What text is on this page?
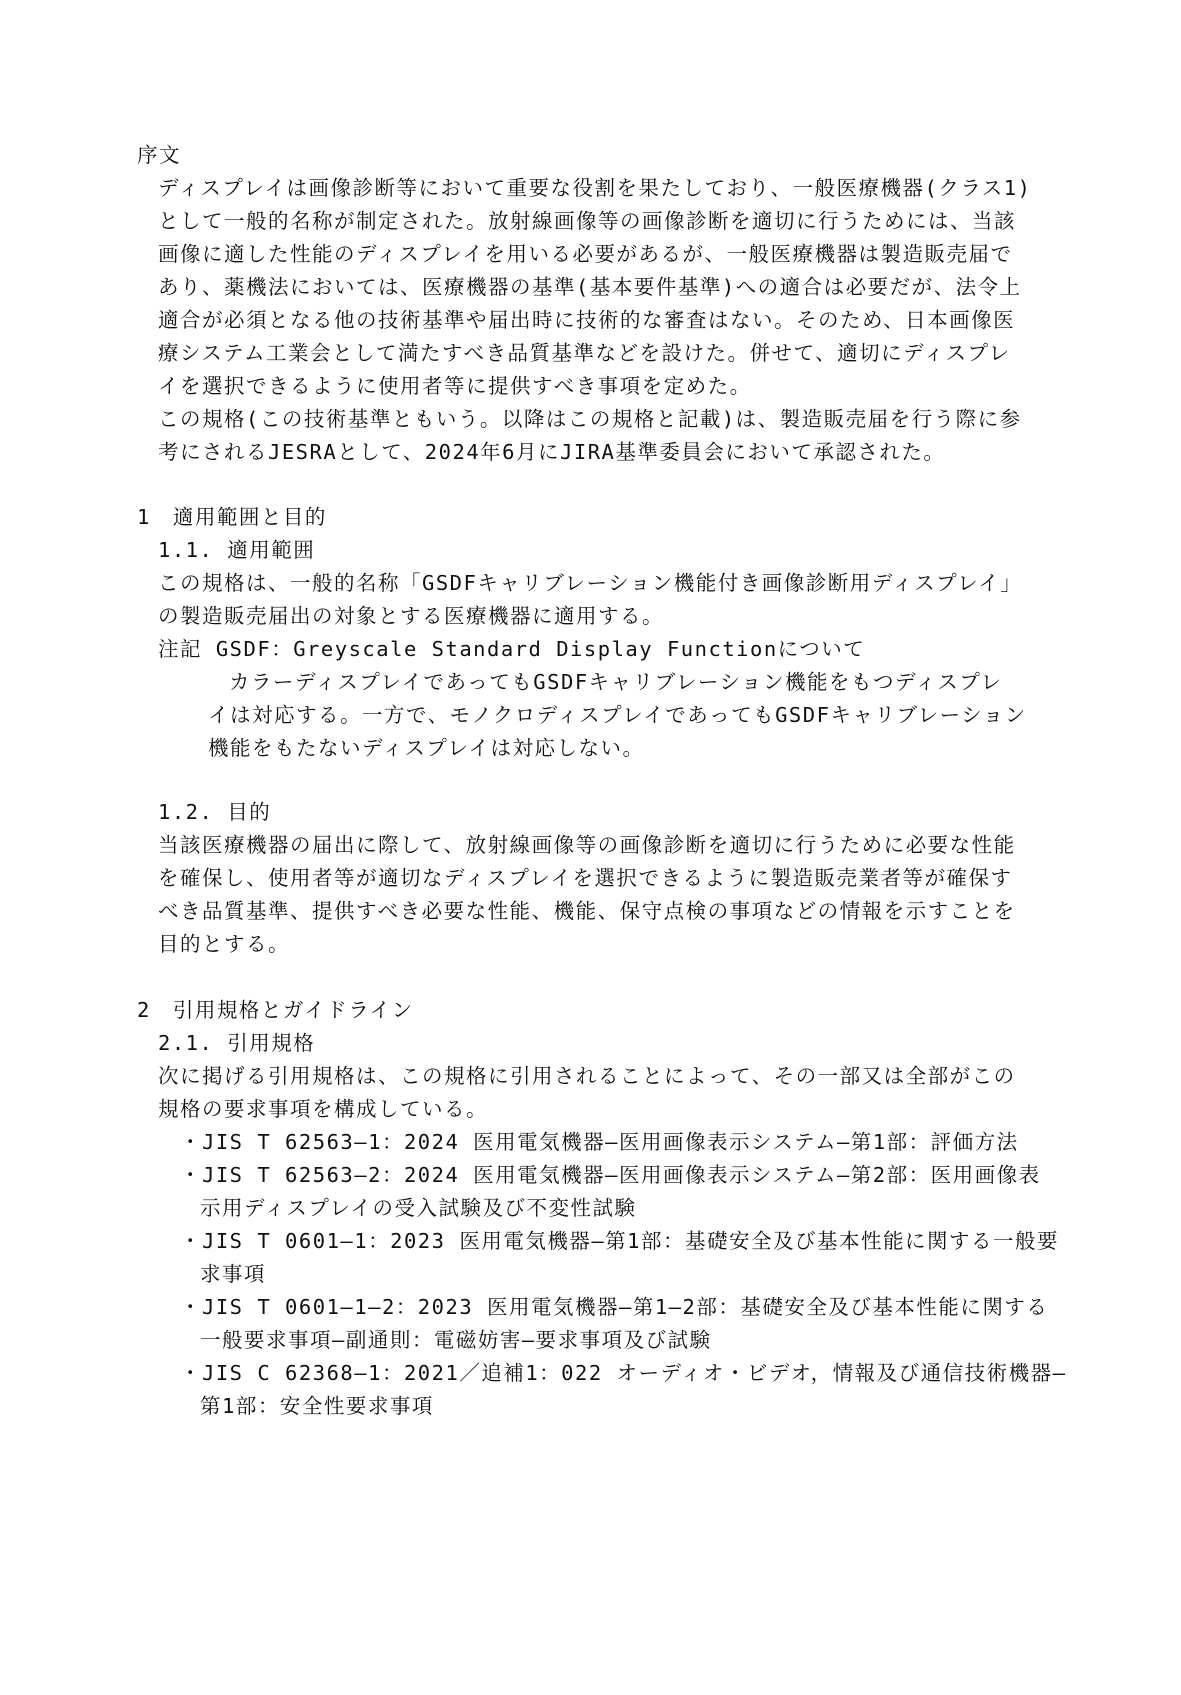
序文
ディスプレイは画像診断等において重要な役割を果たしており、一般医療機器(クラス1)
として一般的名称が制定された。放射線画像等の画像診断を適切に行うためには、当該
画像に適した性能のディスプレイを用いる必要があるが、一般医療機器は製造販売届で
あり、薬機法においては、医療機器の基準(基本要件基準)への適合は必要だが、法令上
適合が必須となる他の技術基準や届出時に技術的な審査はない。そのため、日本画像医
療システム工業会として満たすべき品質基準などを設けた。併せて、適切にディスプレ
イを選択できるように使用者等に提供すべき事項を定めた。
この規格(この技術基準ともいう。以降はこの規格と記載)は、製造販売届を行う際に参
考にされるJESRAとして、2024年6月にJIRA基準委員会において承認された。
1　適用範囲と目的
1.1. 適用範囲
この規格は、一般的名称「GSDFキャリブレーション機能付き画像診断用ディスプレイ」
の製造販売届出の対象とする医療機器に適用する。
注記 GSDF：Greyscale Standard Display Functionについて
カラーディスプレイであってもGSDFキャリブレーション機能をもつディスプレ
イは対応する。一方で、モノクロディスプレイであってもGSDFキャリブレーション
機能をもたないディスプレイは対応しない。
1.2. 目的
当該医療機器の届出に際して、放射線画像等の画像診断を適切に行うために必要な性能
を確保し、使用者等が適切なディスプレイを選択できるように製造販売業者等が確保す
べき品質基準、提供すべき必要な性能、機能、保守点検の事項などの情報を示すことを
目的とする。
2　引用規格とガイドライン
2.1. 引用規格
次に掲げる引用規格は、この規格に引用されることによって、その一部又は全部がこの
規格の要求事項を構成している。
・JIS T 62563―1：2024 医用電気機器―医用画像表示システム―第1部：評価方法
・JIS T 62563―2：2024 医用電気機器―医用画像表示システム―第2部：医用画像表
示用ディスプレイの受入試験及び不変性試験
・JIS T 0601―1：2023 医用電気機器―第1部：基礎安全及び基本性能に関する一般要
求事項
・JIS T 0601―1―2：2023 医用電気機器―第1―2部：基礎安全及び基本性能に関する
一般要求事項―副通則：電磁妨害―要求事項及び試験
・JIS C 62368―1：2021／追補1：022 オーディオ・ビデオ，情報及び通信技術機器―
第1部：安全性要求事項
